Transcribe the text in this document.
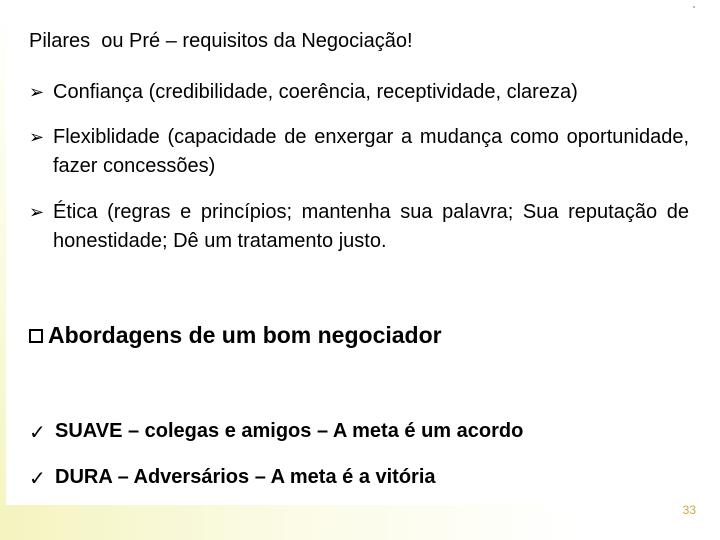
Pilares  ou Pré – requisitos da Negociação!
➢ Confiança (credibilidade, coerência, receptividade, clareza)
➢ Flexiblidade (capacidade de enxergar a mudança como oportunidade, fazer concessões)
➢ Ética (regras e princípios; mantenha sua palavra; Sua reputação de honestidade; Dê um tratamento justo.
Abordagens de um bom negociador
✓ SUAVE – colegas e amigos – A meta é um acordo
✓ DURA – Adversários – A meta é a vitória
33
